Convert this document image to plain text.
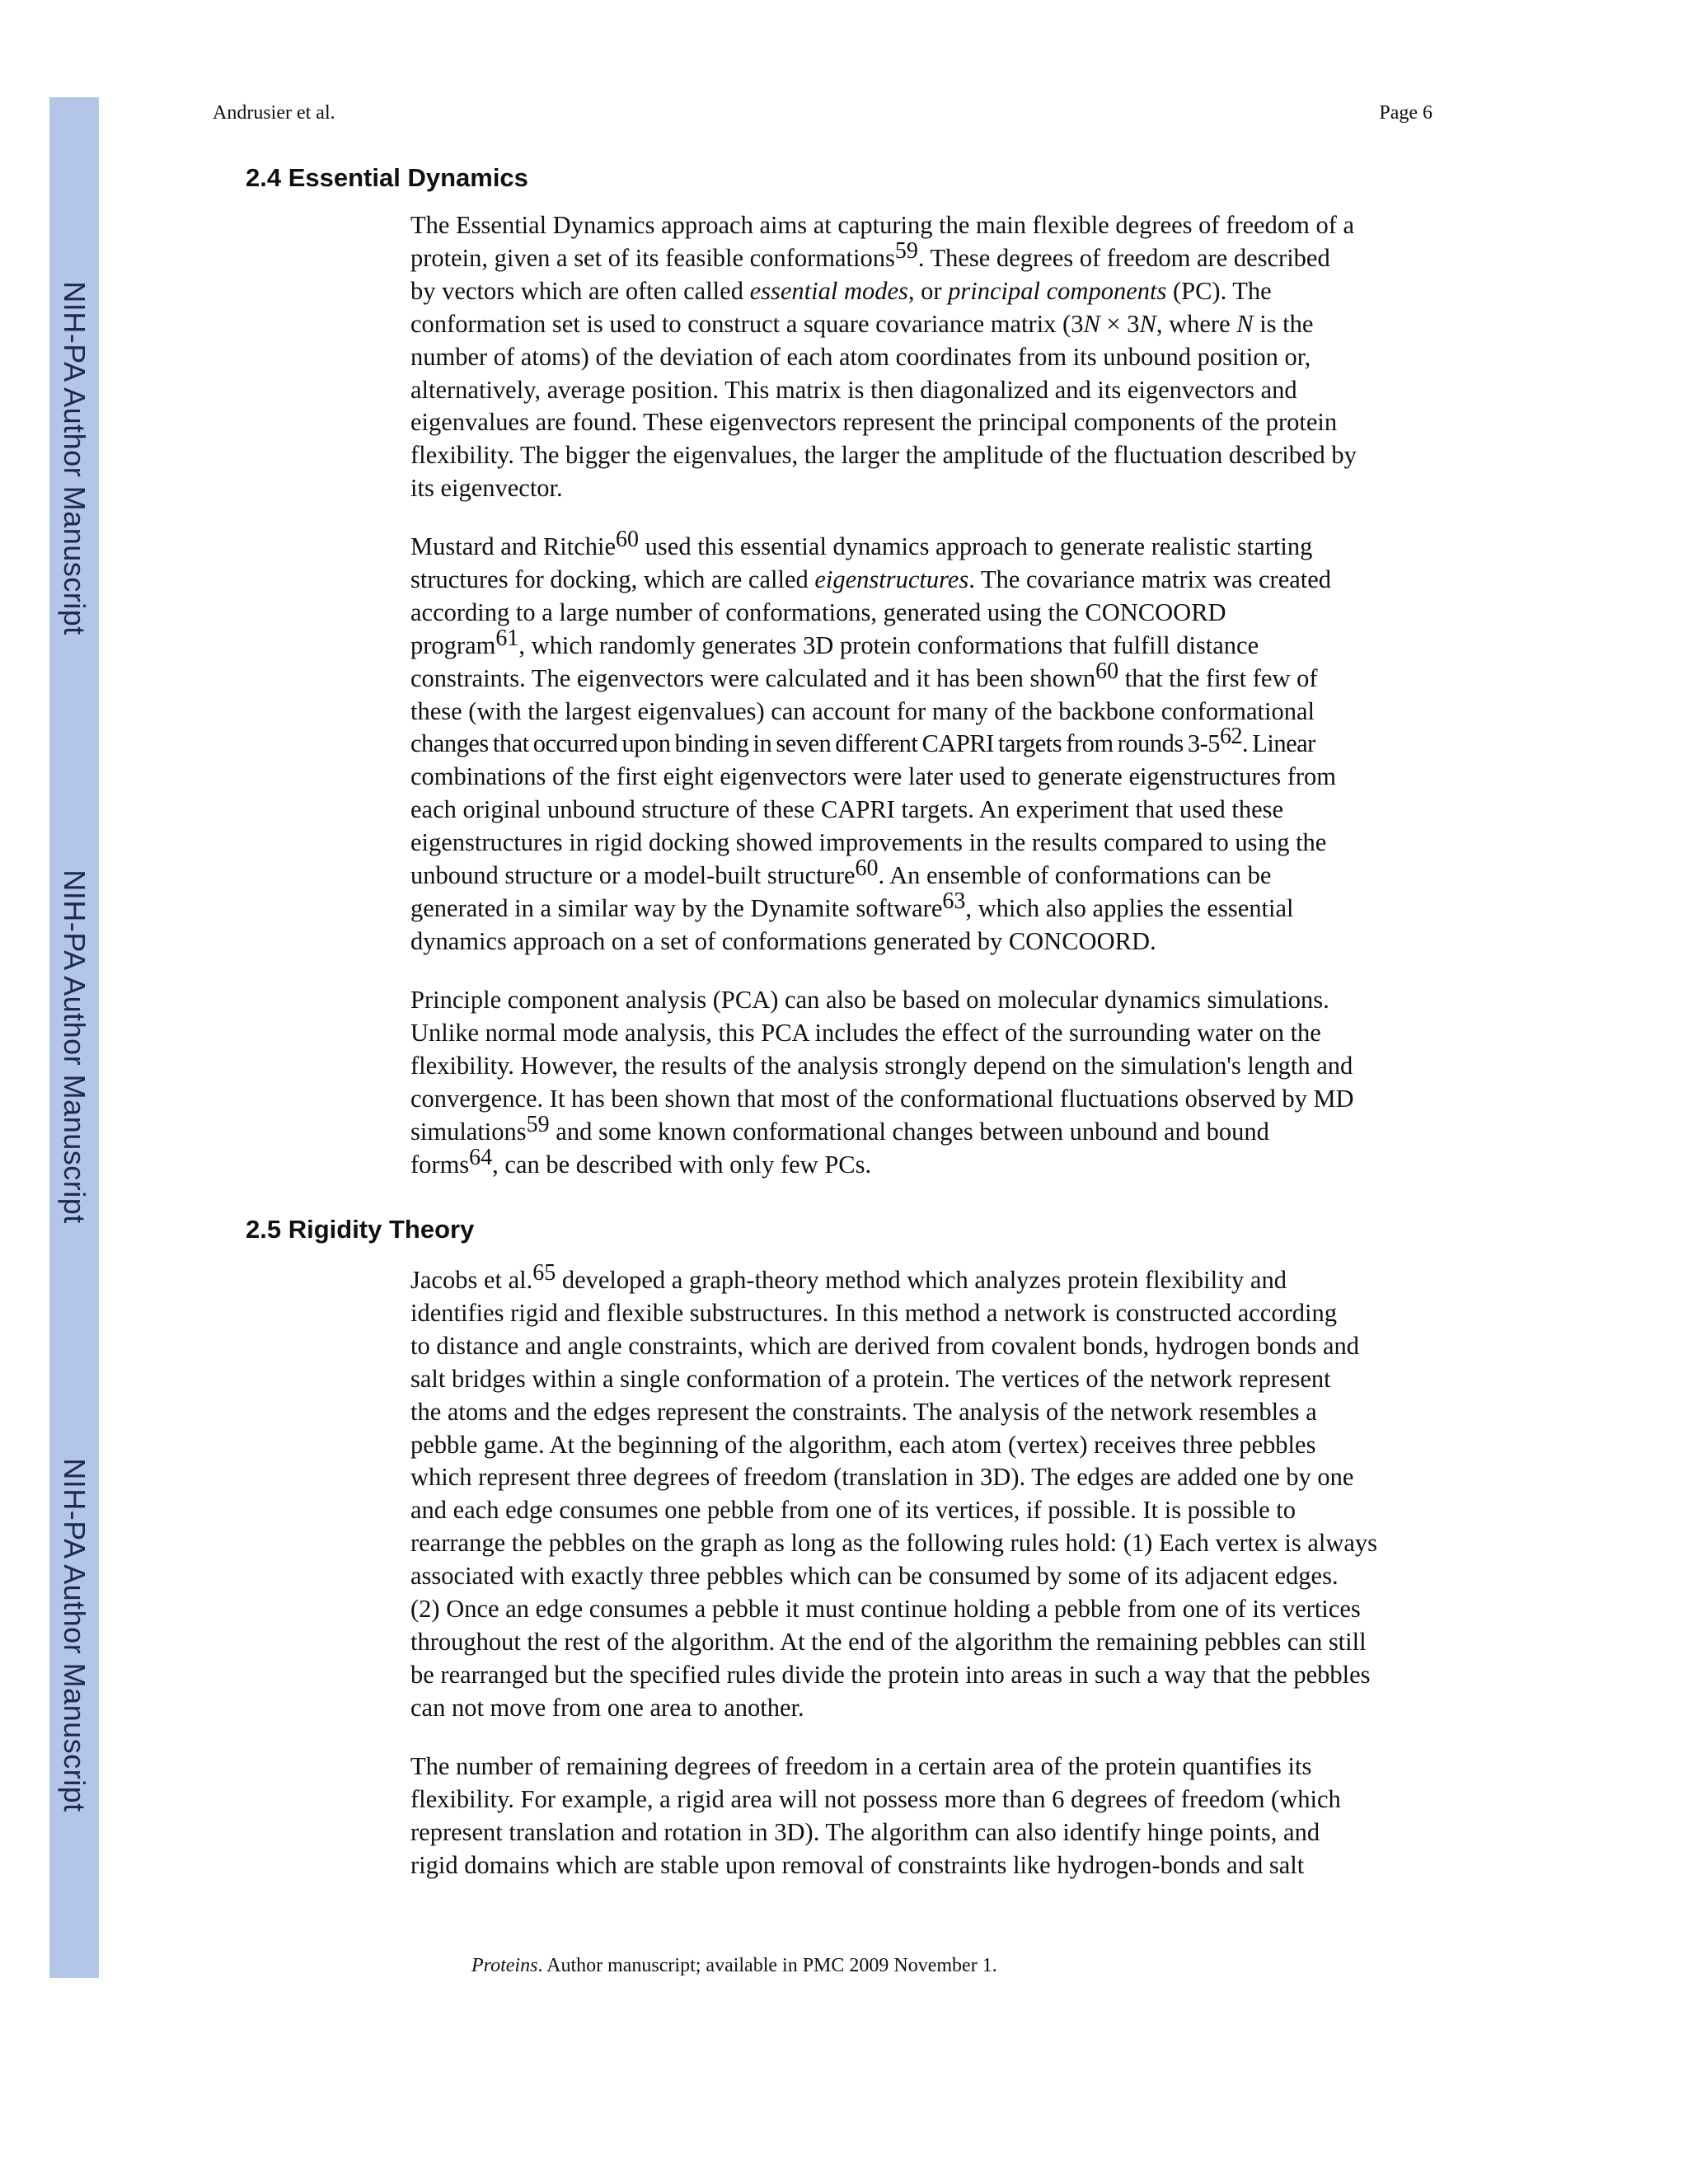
NIH-PA Author Manuscript
NIH-PA Author Manuscript
NIH-PA Author Manuscript
Andrusier et al.	Page 6
2.4 Essential Dynamics

The Essential Dynamics approach aims at capturing the main flexible degrees of freedom of a
protein, given a set of its feasible conformations$^{59}$. These degrees of freedom are described
by vectors which are often called essential modes, or principal components (PC). The
conformation set is used to construct a square covariance matrix (3N × 3N, where N is the
number of atoms) of the deviation of each atom coordinates from its unbound position or,
alternatively, average position. This matrix is then diagonalized and its eigenvectors and
eigenvalues are found. These eigenvectors represent the principal components of the protein
flexibility. The bigger the eigenvalues, the larger the amplitude of the fluctuation described by
its eigenvector.

Mustard and Ritchie$^{60}$ used this essential dynamics approach to generate realistic starting
structures for docking, which are called eigenstructures. The covariance matrix was created
according to a large number of conformations, generated using the CONCOORD
program$^{61}$, which randomly generates 3D protein conformations that fulfill distance
constraints. The eigenvectors were calculated and it has been shown$^{60}$ that the first few of
these (with the largest eigenvalues) can account for many of the backbone conformational
changes that occurred upon binding in seven different CAPRI targets from rounds $3-5^{62}$. Linear
combinations of the first eight eigenvectors were later used to generate eigenstructures from
each original unbound structure of these CAPRI targets. An experiment that used these
eigenstructures in rigid docking showed improvements in the results compared to using the
unbound structure or a model-built structure$^{60}$. An ensemble of conformations can be
generated in a similar way by the Dynamite software$^{63}$, which also applies the essential
dynamics approach on a set of conformations generated by CONCOORD.

Principle component analysis (PCA) can also be based on molecular dynamics simulations.
Unlike normal mode analysis, this PCA includes the effect of the surrounding water on the
flexibility. However, the results of the analysis strongly depend on the simulation's length and
convergence. It has been shown that most of the conformational fluctuations observed by MD
simulations$^{59}$ and some known conformational changes between unbound and bound
forms$^{64}$, can be described with only few PCs.

2.5 Rigidity Theory

Jacobs et al.$^{65}$ developed a graph-theory method which analyzes protein flexibility and
identifies rigid and flexible substructures. In this method a network is constructed according
to distance and angle constraints, which are derived from covalent bonds, hydrogen bonds and
salt bridges within a single conformation of a protein. The vertices of the network represent
the atoms and the edges represent the constraints. The analysis of the network resembles a
pebble game. At the beginning of the algorithm, each atom (vertex) receives three pebbles
which represent three degrees of freedom (translation in 3D). The edges are added one by one
and each edge consumes one pebble from one of its vertices, if possible. It is possible to
rearrange the pebbles on the graph as long as the following rules hold: (1) Each vertex is always
associated with exactly three pebbles which can be consumed by some of its adjacent edges.
(2) Once an edge consumes a pebble it must continue holding a pebble from one of its vertices
throughout the rest of the algorithm. At the end of the algorithm the remaining pebbles can still
be rearranged but the specified rules divide the protein into areas in such a way that the pebbles
can not move from one area to another.

The number of remaining degrees of freedom in a certain area of the protein quantifies its
flexibility. For example, a rigid area will not possess more than 6 degrees of freedom (which
represent translation and rotation in 3D). The algorithm can also identify hinge points, and
rigid domains which are stable upon removal of constraints like hydrogen-bonds and salt

Proteins. Author manuscript; available in PMC 2009 November 1.
